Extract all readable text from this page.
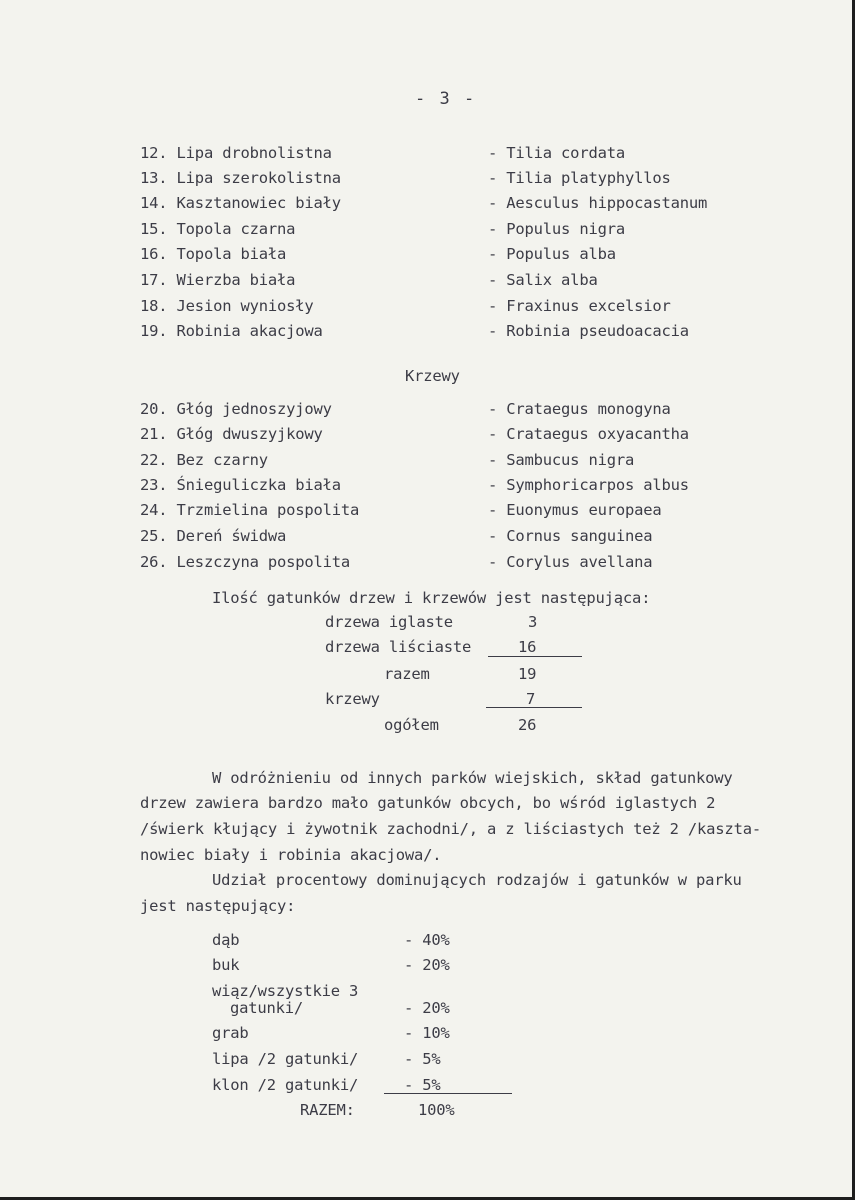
- 3 -
12. Lipa drobnolistna	- Tilia cordata
13. Lipa szerokolistna	- Tilia platyphyllos
14. Kasztanowiec biały	- Aesculus hippocastanum
15. Topola czarna	- Populus nigra
16. Topola biała	- Populus alba
17. Wierzba biała	- Salix alba
18. Jesion wyniosły	- Fraxinus excelsior
19. Robinia akacjowa	- Robinia pseudoacacia
Krzewy
20. Głóg jednoszyjowy	- Crataegus monogyna
21. Głóg dwuszyjkowy	- Crataegus oxyacantha
22. Bez czarny	- Sambucus nigra
23. Śnieguliczka biała	- Symphoricarpos albus
24. Trzmielina pospolita	- Euonymus europaea
25. Dereń świdwa	- Cornus sanguinea
26. Leszczyna pospolita	- Corylus avellana
Ilość gatunków drzew i krzewów jest następująca:
drzewa iglaste	3
drzewa liściaste	16
razem	19
krzewy	7
ogółem	26
W odróżnieniu od innych parków wiejskich, skład gatunkowy
drzew zawiera bardzo mało gatunków obcych, bo wśród iglastych 2
/świerk kłujący i żywotnik zachodni/, a z liściastych też 2 /kaszta-
nowiec biały i robinia akacjowa/.
Udział procentowy dominujących rodzajów i gatunków w parku
jest następujący:
dąb	- 40%
buk	- 20%
wiąz/wszystkie 3
gatunki/	- 20%
grab	- 10%
lipa /2 gatunki/	- 5%
klon /2 gatunki/	- 5%
RAZEM:	100%
